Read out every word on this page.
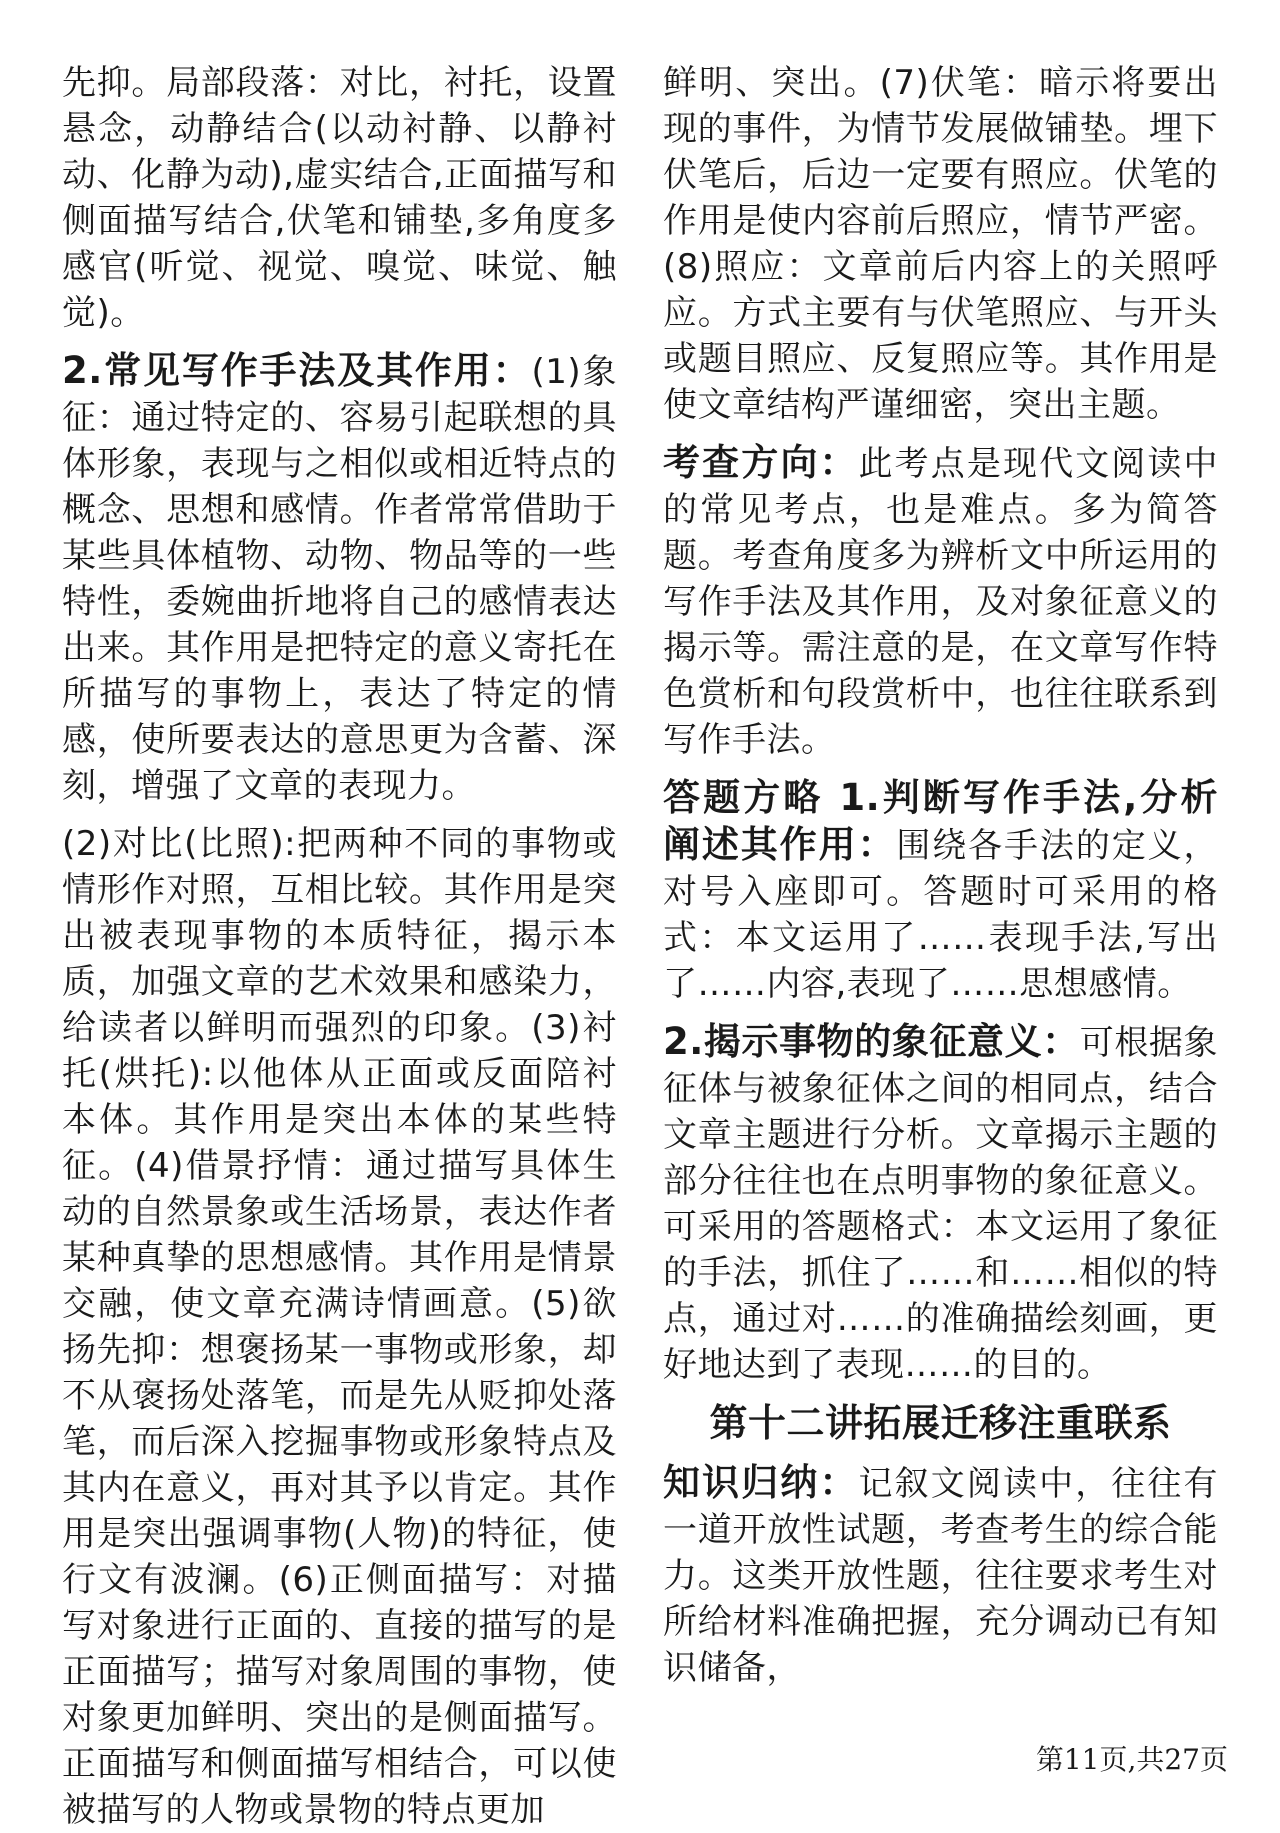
先抑。局部段落：对比，衬托，设置悬念，动静结合(以动衬静、以静衬动、化静为动),虚实结合,正面描写和侧面描写结合,伏笔和铺垫,多角度多感官(听觉、视觉、嗅觉、味觉、触觉)。

2.常见写作手法及其作用：(1)象征：通过特定的、容易引起联想的具体形象，表现与之相似或相近特点的概念、思想和感情。作者常常借助于某些具体植物、动物、物品等的一些特性，委婉曲折地将自己的感情表达出来。其作用是把特定的意义寄托在所描写的事物上，表达了特定的情感，使所要表达的意思更为含蓄、深刻，增强了文章的表现力。

(2)对比(比照):把两种不同的事物或情形作对照，互相比较。其作用是突出被表现事物的本质特征，揭示本质，加强文章的艺术效果和感染力，给读者以鲜明而强烈的印象。(3)衬托(烘托):以他体从正面或反面陪衬本体。其作用是突出本体的某些特征。(4)借景抒情：通过描写具体生动的自然景象或生活场景，表达作者某种真挚的思想感情。其作用是情景交融，使文章充满诗情画意。(5)欲扬先抑：想褒扬某一事物或形象，却不从褒扬处落笔，而是先从贬抑处落笔，而后深入挖掘事物或形象特点及其内在意义，再对其予以肯定。其作用是突出强调事物(人物)的特征，使行文有波澜。(6)正侧面描写：对描写对象进行正面的、直接的描写的是正面描写；描写对象周围的事物，使对象更加鲜明、突出的是侧面描写。正面描写和侧面描写相结合，可以使被描写的人物或景物的特点更加

鲜明、突出。(7)伏笔：暗示将要出现的事件，为情节发展做铺垫。埋下伏笔后，后边一定要有照应。伏笔的作用是使内容前后照应，情节严密。(8)照应：文章前后内容上的关照呼应。方式主要有与伏笔照应、与开头或题目照应、反复照应等。其作用是使文章结构严谨细密，突出主题。

考查方向：此考点是现代文阅读中的常见考点，也是难点。多为简答题。考查角度多为辨析文中所运用的写作手法及其作用，及对象征意义的揭示等。需注意的是，在文章写作特色赏析和句段赏析中，也往往联系到写作手法。

答题方略 1.判断写作手法,分析阐述其作用：围绕各手法的定义，对号入座即可。答题时可采用的格式：本文运用了……表现手法,写出了……内容,表现了……思想感情。

2.揭示事物的象征意义：可根据象征体与被象征体之间的相同点，结合文章主题进行分析。文章揭示主题的部分往往也在点明事物的象征意义。可采用的答题格式：本文运用了象征的手法，抓住了……和……相似的特点，通过对……的准确描绘刻画，更好地达到了表现……的目的。

第十二讲拓展迁移注重联系

知识归纳：记叙文阅读中，往往有一道开放性试题，考查考生的综合能力。这类开放性题，往往要求考生对所给材料准确把握，充分调动已有知识储备，

第11页,共27页
